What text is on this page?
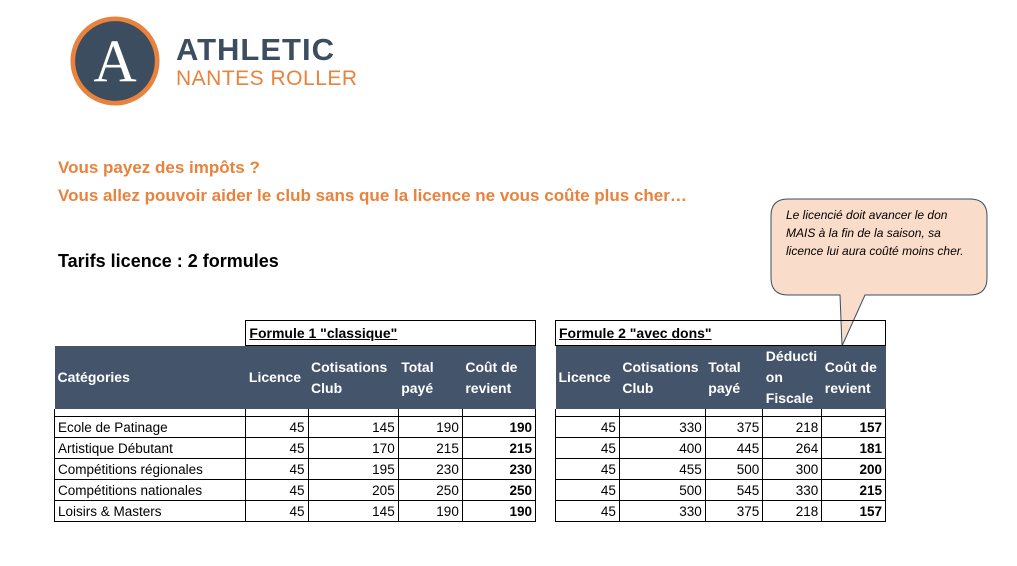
A ATHLETIC
NANTES ROLLER
Vous payez des impôts ?
Vous allez pouvoir aider le club sans que la licence ne vous coûte plus cher…
Tarifs licence : 2 formules
Le licencié doit avancer le don MAIS à la fin de la saison, sa licence lui aura coûté moins cher.
	Formule 1 "classique"			
Catégories	Licence	Cotisations Club	Total payé	Coût de revient

Ecole de Patinage	45	145	190	190
Artistique Débutant	45	170	215	215
Compétitions régionales	45	195	230	230
Compétitions nationales	45	205	250	250
Loisirs & Masters	45	145	190	190
Formule 2 "avec dons"				
Licence	Cotisations Club	Total payé	Déducti on Fiscale	Coût de revient

45	330	375	218	157
45	400	445	264	181
45	455	500	300	200
45	500	545	330	215
45	330	375	218	157
